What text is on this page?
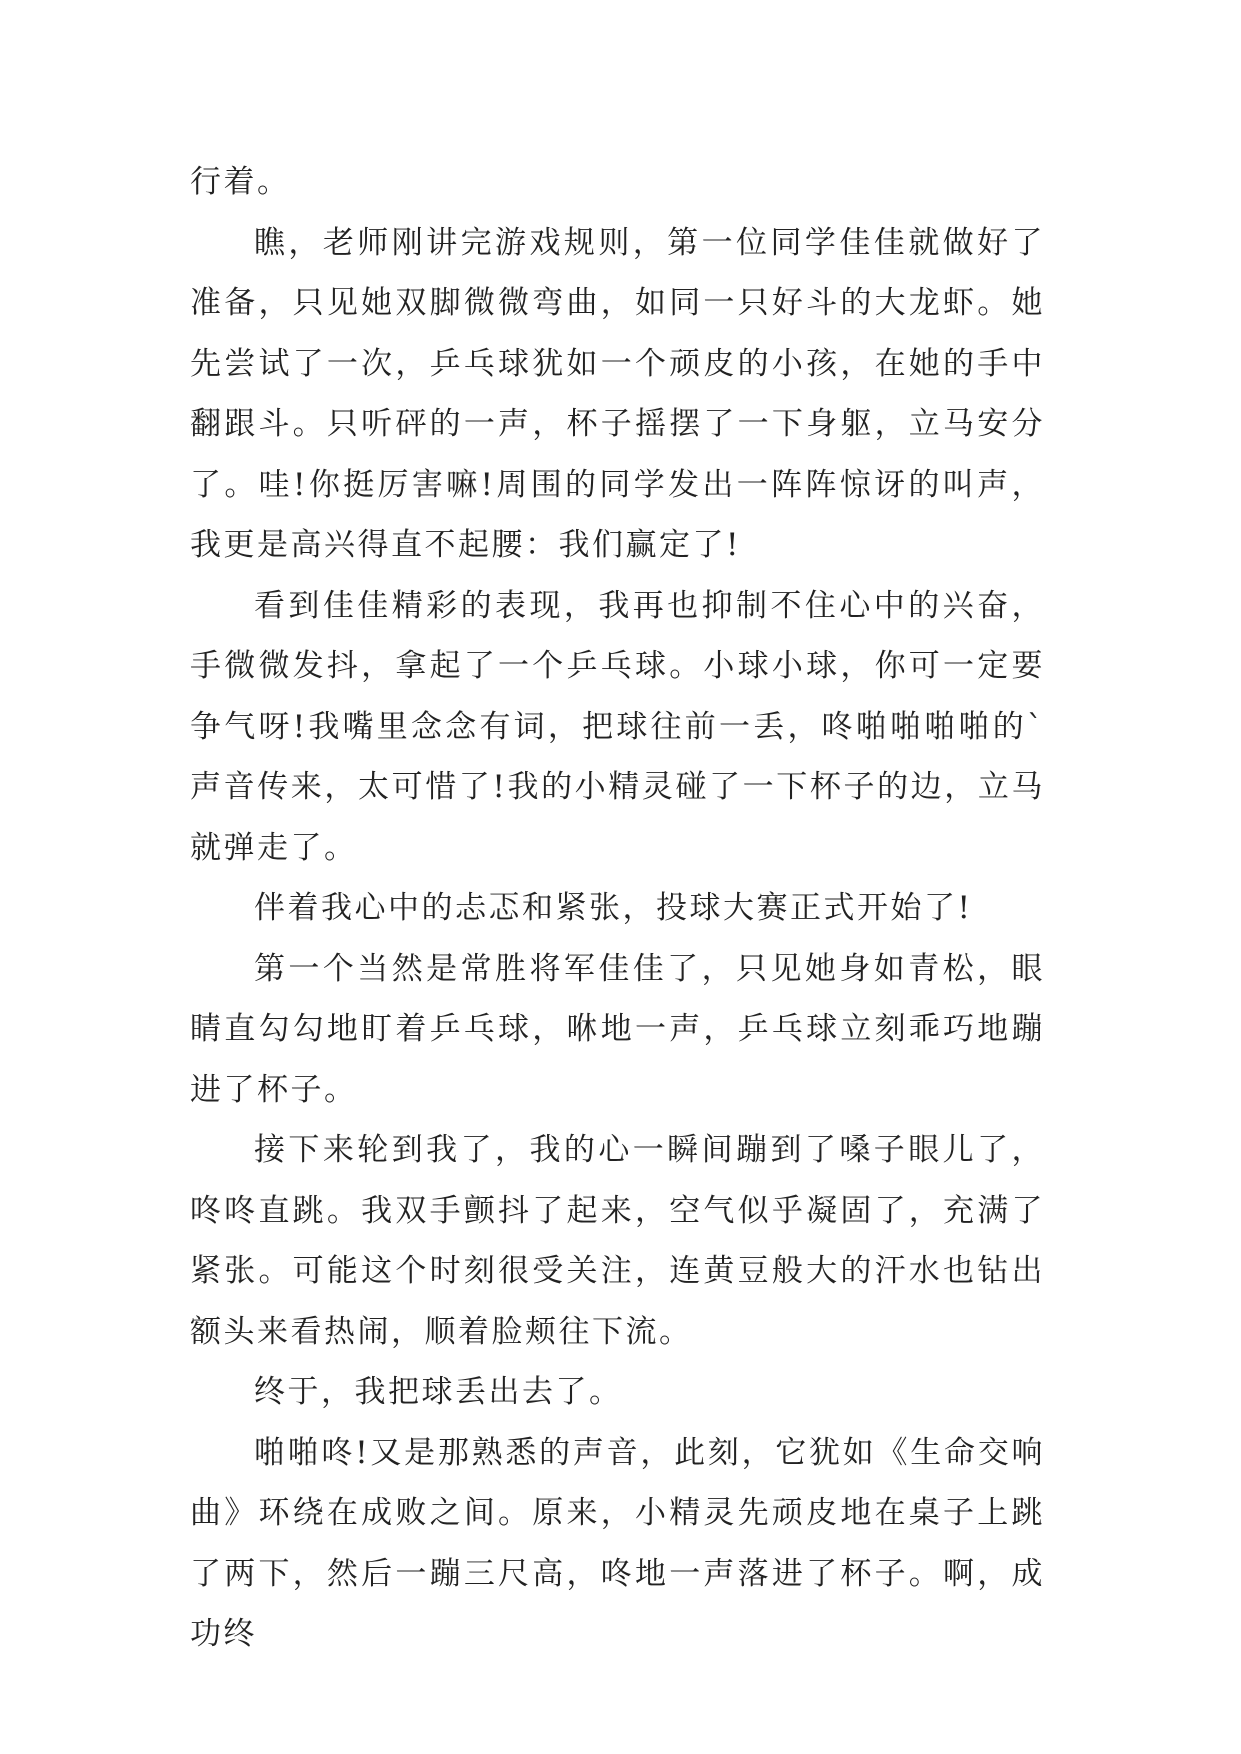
行着。

瞧，老师刚讲完游戏规则，第一位同学佳佳就做好了准备，只见她双脚微微弯曲，如同一只好斗的大龙虾。她先尝试了一次，乒乓球犹如一个顽皮的小孩，在她的手中翻跟斗。只听砰的一声，杯子摇摆了一下身躯，立马安分了。哇!你挺厉害嘛!周围的同学发出一阵阵惊讶的叫声，我更是高兴得直不起腰：我们赢定了!

看到佳佳精彩的表现，我再也抑制不住心中的兴奋，手微微发抖，拿起了一个乒乓球。小球小球，你可一定要争气呀!我嘴里念念有词，把球往前一丢，咚啪啪啪啪的`声音传来，太可惜了!我的小精灵碰了一下杯子的边，立马就弹走了。

伴着我心中的忐忑和紧张，投球大赛正式开始了!

第一个当然是常胜将军佳佳了，只见她身如青松，眼睛直勾勾地盯着乒乓球，咻地一声，乒乓球立刻乖巧地蹦进了杯子。

接下来轮到我了，我的心一瞬间蹦到了嗓子眼儿了，咚咚直跳。我双手颤抖了起来，空气似乎凝固了，充满了紧张。可能这个时刻很受关注，连黄豆般大的汗水也钻出额头来看热闹，顺着脸颊往下流。

终于，我把球丢出去了。

啪啪咚!又是那熟悉的声音，此刻，它犹如《生命交响曲》环绕在成败之间。原来，小精灵先顽皮地在桌子上跳了两下，然后一蹦三尺高，咚地一声落进了杯子。啊，成功终
